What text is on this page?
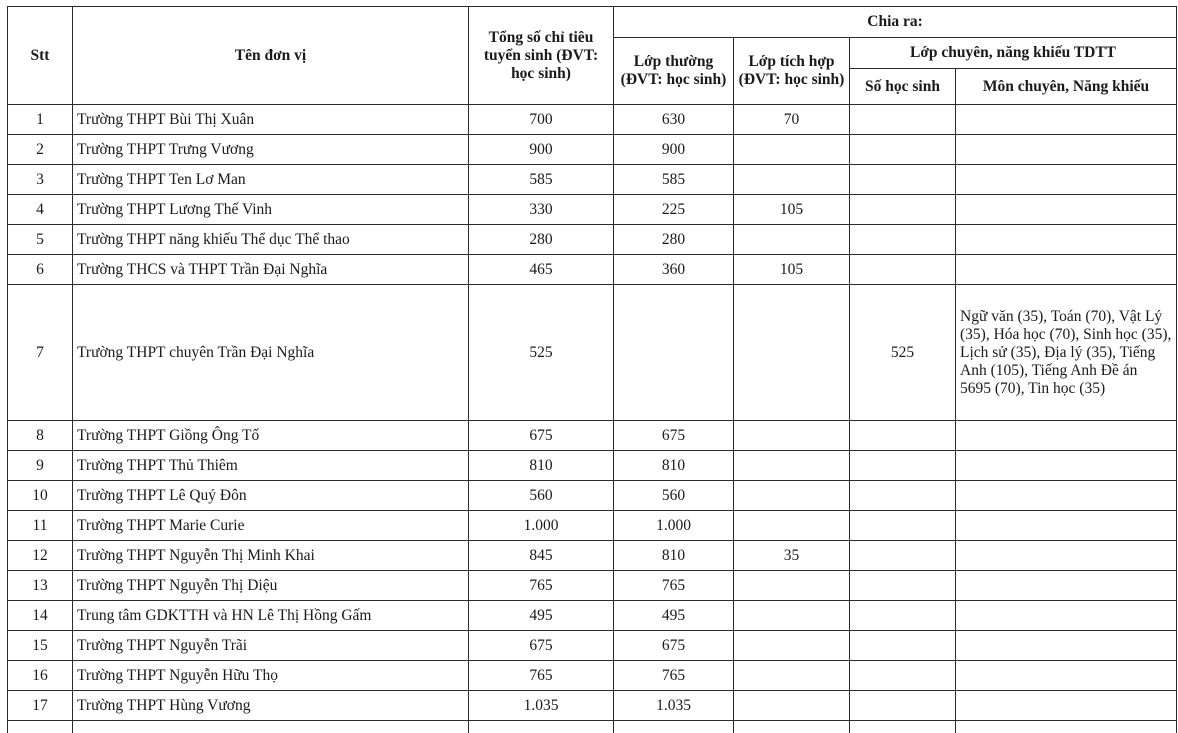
Stt	Tên đơn vị	Tổng số chỉ tiêu tuyển sinh (ĐVT: học sinh)	Chia ra:			
			Lớp thường (ĐVT: học sinh)	Lớp tích hợp (ĐVT: học sinh)	Lớp chuyên, năng khiếu TDTT	
					Số học sinh	Môn chuyên, Năng khiếu
1	Trường THPT Bùi Thị Xuân	700	630	70		
2	Trường THPT Trưng Vương	900	900			
3	Trường THPT Ten Lơ Man	585	585			
4	Trường THPT Lương Thế Vinh	330	225	105		
5	Trường THPT năng khiếu Thể dục Thể thao	280	280			
6	Trường THCS và THPT Trần Đại Nghĩa	465	360	105		
7	Trường THPT chuyên Trần Đại Nghĩa	525			525	Ngữ văn (35), Toán (70), Vật Lý (35), Hóa học (70), Sinh học (35), Lịch sử (35), Địa lý (35), Tiếng Anh (105), Tiếng Anh Đề án 5695 (70), Tin học (35)
8	Trường THPT Giồng Ông Tố	675	675			
9	Trường THPT Thủ Thiêm	810	810			
10	Trường THPT Lê Quý Đôn	560	560			
11	Trường THPT Marie Curie	1.000	1.000			
12	Trường THPT Nguyễn Thị Minh Khai	845	810	35		
13	Trường THPT Nguyễn Thị Diệu	765	765			
14	Trung tâm GDKTTH và HN Lê Thị Hồng Gấm	495	495			
15	Trường THPT Nguyễn Trãi	675	675			
16	Trường THPT Nguyễn Hữu Thọ	765	765			
17	Trường THPT Hùng Vương	1.035	1.035			
